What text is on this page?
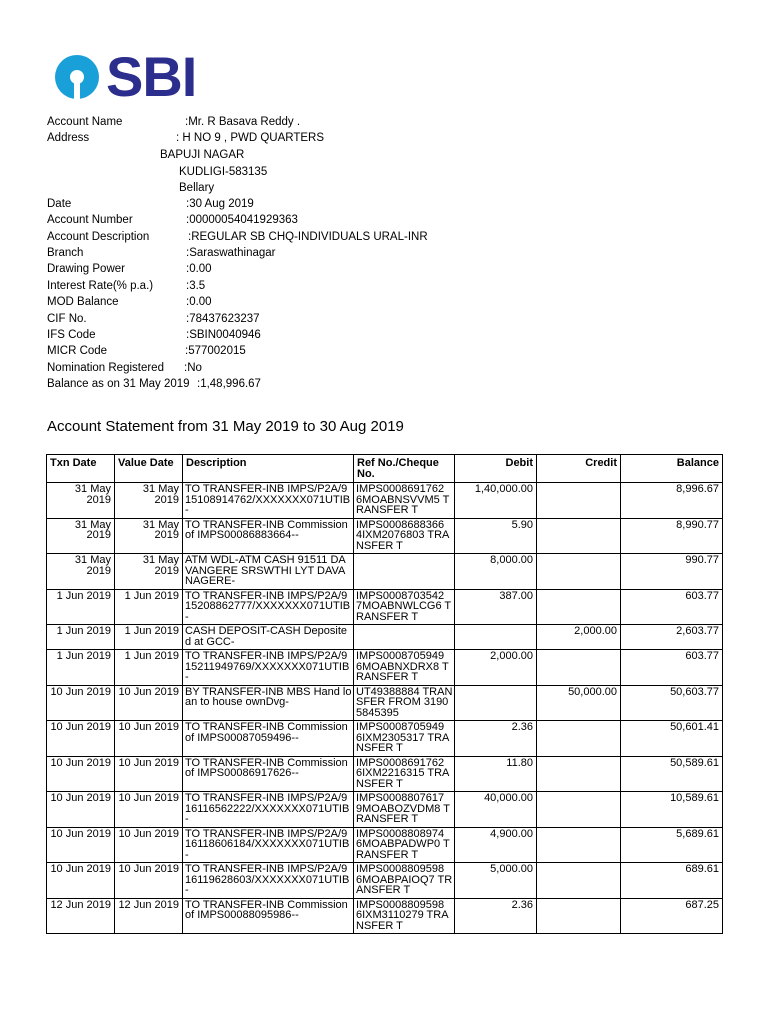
SBI
Account Name	:Mr. R Basava Reddy .
Address	: H NO 9 , PWD QUARTERS
BAPUJI NAGAR
KUDLIGI-583135
Bellary
Date	:30 Aug 2019
Account Number	:00000054041929363
Account Description	:REGULAR SB CHQ-INDIVIDUALS URAL-INR
Branch	:Saraswathinagar
Drawing Power	:0.00
Interest Rate(% p.a.)	:3.5
MOD Balance	:0.00
CIF No.	:78437623237
IFS Code	:SBIN0040946
MICR Code	:577002015
Nomination Registered :No
Balance as on 31 May 2019 :1,48,996.67
Account Statement from 31 May 2019 to 30 Aug 2019
Txn Date	Value Date	Description	Ref No./Cheque No.	Debit	Credit	Balance
31 May 2019	31 May 2019	TO TRANSFER-INB IMPS/P2A/915108914762/XXXXXXX071UTIB-	IMPS0008691762 6MOABNSVVM5 TRANSFER T	1,40,000.00		8,996.67
31 May 2019	31 May 2019	TO TRANSFER-INB Commission of IMPS00086883664--	IMPS0008688366 4IXM2076803 TRANSFER T	5.90		8,990.77
31 May 2019	31 May 2019	ATM WDL-ATM CASH 91511 DAVANGERE SRSWTHI LYT DAVANAGERE-		8,000.00		990.77
1 Jun 2019	1 Jun 2019	TO TRANSFER-INB IMPS/P2A/915208862777/XXXXXXX071UTIB-	IMPS0008703542 7MOABNWLCG6 TRANSFER T	387.00		603.77
1 Jun 2019	1 Jun 2019	CASH DEPOSIT-CASH Deposited at GCC-			2,000.00	2,603.77
1 Jun 2019	1 Jun 2019	TO TRANSFER-INB IMPS/P2A/915211949769/XXXXXXX071UTIB-	IMPS0008705949 6MOABNXDRX8 TRANSFER T	2,000.00		603.77
10 Jun 2019	10 Jun 2019	BY TRANSFER-INB MBS Hand loan to house ownDvg-	UT49388884 TRANSFER FROM 31905845395		50,000.00	50,603.77
10 Jun 2019	10 Jun 2019	TO TRANSFER-INB Commission of IMPS00087059496--	IMPS0008705949 6IXM2305317 TRANSFER T	2.36		50,601.41
10 Jun 2019	10 Jun 2019	TO TRANSFER-INB Commission of IMPS00086917626--	IMPS0008691762 6IXM2216315 TRANSFER T	11.80		50,589.61
10 Jun 2019	10 Jun 2019	TO TRANSFER-INB IMPS/P2A/916116562222/XXXXXXX071UTIB-	IMPS0008807617 9MOABOZVDM8 TRANSFER T	40,000.00		10,589.61
10 Jun 2019	10 Jun 2019	TO TRANSFER-INB IMPS/P2A/916118606184/XXXXXXX071UTIB-	IMPS0008808974 6MOABPADWP0 TRANSFER T	4,900.00		5,689.61
10 Jun 2019	10 Jun 2019	TO TRANSFER-INB IMPS/P2A/916119628603/XXXXXXX071UTIB-	IMPS0008809598 6MOABPAIOQ7 TRANSFER T	5,000.00		689.61
12 Jun 2019	12 Jun 2019	TO TRANSFER-INB Commission of IMPS00088095986--	IMPS0008809598 6IXM3110279 TRANSFER T	2.36		687.25
